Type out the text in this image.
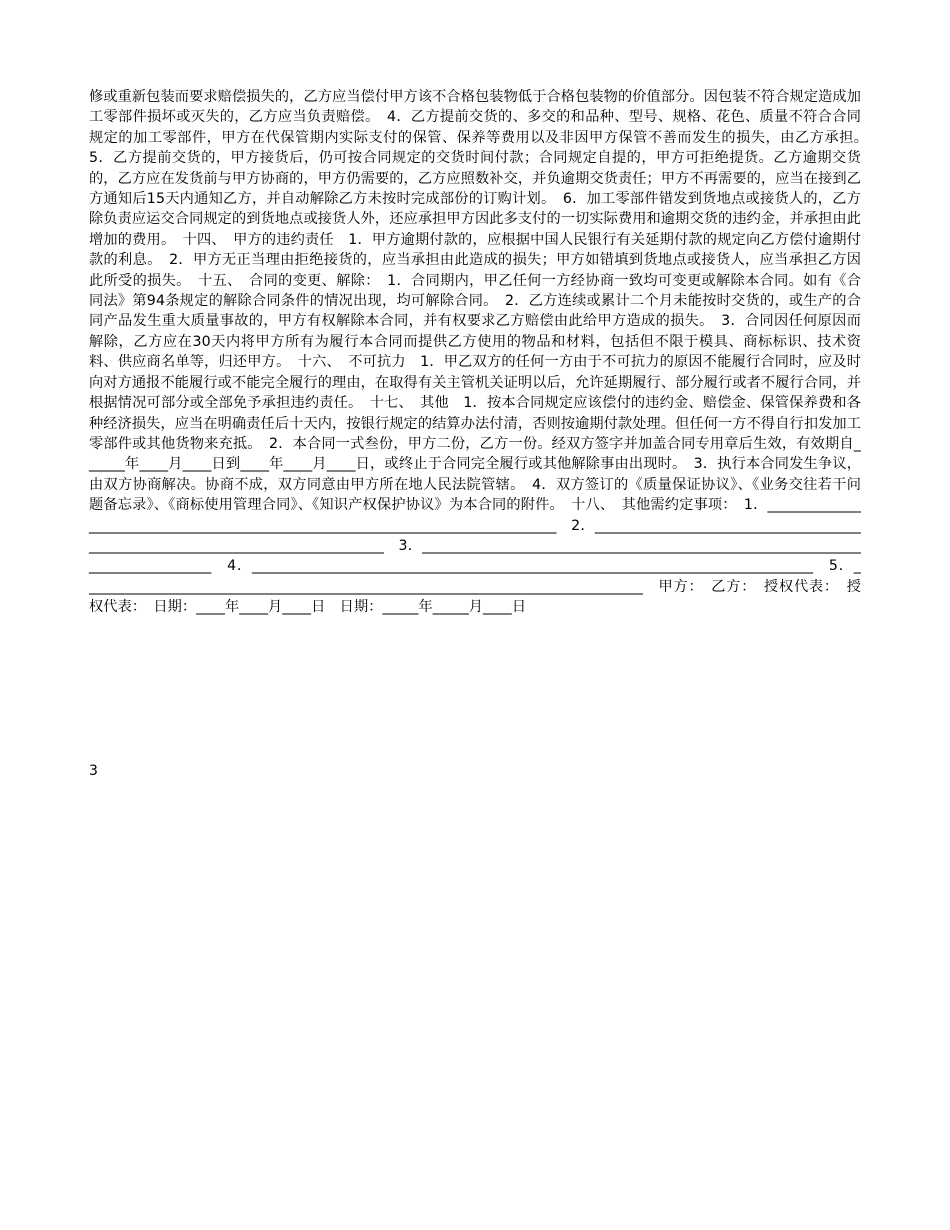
修或重新包装而要求赔偿损失的，乙方应当偿付甲方该不合格包装物低于合格包装物的价值部分。因包装不符合规定造成加工零部件损坏或灭失的，乙方应当负责赔偿。　4．乙方提前交货的、多交的和品种、型号、规格、花色、质量不符合合同规定的加工零部件，甲方在代保管期内实际支付的保管、保养等费用以及非因甲方保管不善而发生的损失，由乙方承担。　5．乙方提前交货的，甲方接货后，仍可按合同规定的交货时间付款；合同规定自提的，甲方可拒绝提货。乙方逾期交货的，乙方应在发货前与甲方协商的，甲方仍需要的，乙方应照数补交，并负逾期交货责任；甲方不再需要的，应当在接到乙方通知后15天内通知乙方，并自动解除乙方未按时完成部份的订购计划。　6．加工零部件错发到货地点或接货人的，乙方除负责应运交合同规定的到货地点或接货人外，还应承担甲方因此多支付的一切实际费用和逾期交货的违约金，并承担由此增加的费用。　十四、　甲方的违约责任　1．甲方逾期付款的，应根据中国人民银行有关延期付款的规定向乙方偿付逾期付款的利息。　2．甲方无正当理由拒绝接货的，应当承担由此造成的损失；甲方如错填到货地点或接货人，应当承担乙方因此所受的损失。　十五、　合同的变更、解除：　1．合同期内，甲乙任何一方经协商一致均可变更或解除本合同。如有《合同法》第94条规定的解除合同条件的情况出现，均可解除合同。　2．乙方连续或累计二个月未能按时交货的，或生产的合同产品发生重大质量事故的，甲方有权解除本合同，并有权要求乙方赔偿由此给甲方造成的损失。　3．合同因任何原因而解除，乙方应在30天内将甲方所有为履行本合同而提供乙方使用的物品和材料，包括但不限于模具、商标标识、技术资料、供应商名单等，归还甲方。　十六、　不可抗力　1．甲乙双方的任何一方由于不可抗力的原因不能履行合同时，应及时向对方通报不能履行或不能完全履行的理由，在取得有关主管机关证明以后，允许延期履行、部分履行或者不履行合同，并根据情况可部分或全部免予承担违约责任。　十七、　其他　1．按本合同规定应该偿付的违约金、赔偿金、保管保养费和各种经济损失，应当在明确责任后十天内，按银行规定的结算办法付清，否则按逾期付款处理。但任何一方不得自行扣发加工零部件或其他货物来充抵。　2．本合同一式叁份，甲方二份，乙方一份。经双方签字并加盖合同专用章后生效，有效期自______年____月____日到____年____月____日，或终止于合同完全履行或其他解除事由出现时。　3．执行本合同发生争议，由双方协商解决。协商不成，双方同意由甲方所在地人民法院管辖。　4．双方签订的《质量保证协议》、《业务交往若干问题备忘录》、《商标使用管理合同》、《知识产权保护协议》为本合同的附件。　十八、　其他需约定事项：　1．______________________________________________________________________________　2．______________________________________________________________________________　3．______________________________________________________________________________　4．______________________________________________________________________________　5．______________________________________________________________________________　甲方：　乙方：　授权代表：　授权代表：　日期：____年____月____日　日期：_____年_____月____日

3
